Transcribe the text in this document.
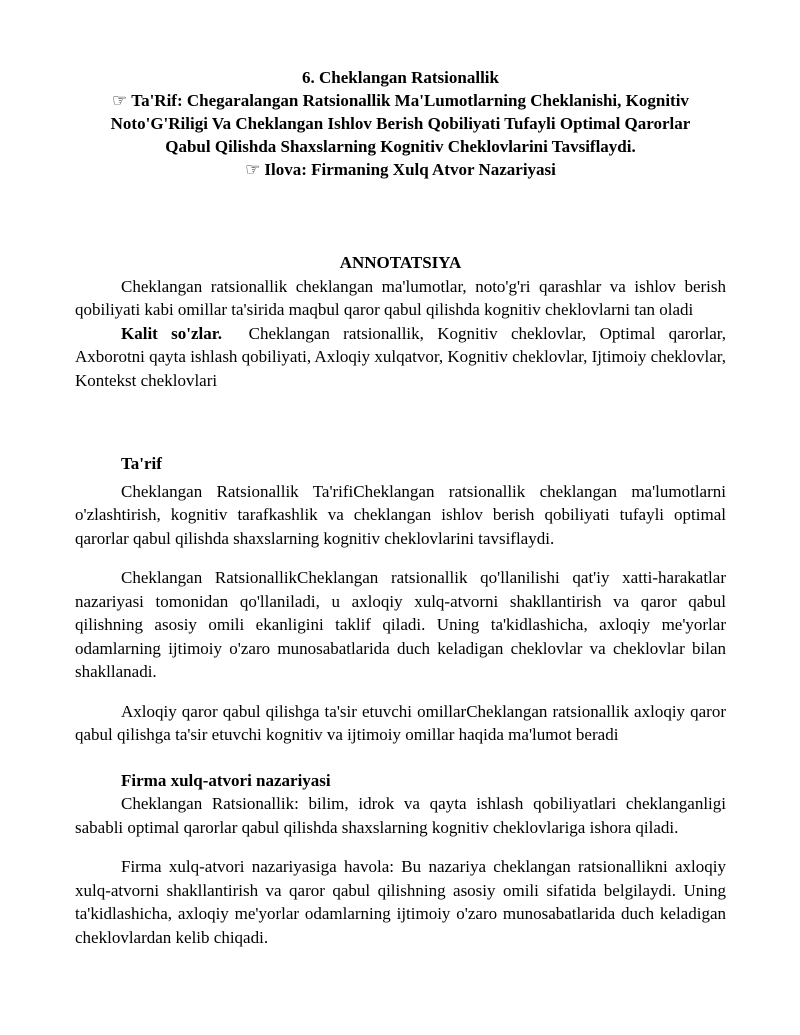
6. Cheklangan Ratsionallik
☞ Ta'Rif: Chegaralangan Ratsionallik Ma'Lumotlarning Cheklanishi, Kognitiv
Noto'G'Riligi Va Cheklangan Ishlov Berish Qobiliyati Tufayli Optimal Qarorlar
Qabul Qilishda Shaxslarning Kognitiv Cheklovlarini Tavsiflaydi.
☞ Ilova: Firmaning Xulq Atvor Nazariyasi

ANNOTATSIYA

Cheklangan ratsionallik cheklangan ma'lumotlar, noto'g'ri qarashlar va ishlov berish qobiliyati kabi omillar ta'sirida maqbul qaror qabul qilishda kognitiv cheklovlarni tan oladi

Kalit so'zlar. Cheklangan ratsionallik, Kognitiv cheklovlar, Optimal qarorlar, Axborotni qayta ishlash qobiliyati, Axloqiy xulqatvor, Kognitiv cheklovlar, Ijtimoiy cheklovlar, Kontekst cheklovlari

Ta'rif

Cheklangan Ratsionallik Ta'rifiCheklangan ratsionallik cheklangan ma'lumotlarni o'zlashtirish, kognitiv tarafkashlik va cheklangan ishlov berish qobiliyati tufayli optimal qarorlar qabul qilishda shaxslarning kognitiv cheklovlarini tavsiflaydi.

Cheklangan RatsionallikCheklangan ratsionallik qo'llanilishi qat'iy xatti-harakatlar nazariyasi tomonidan qo'llaniladi, u axloqiy xulq-atvorni shakllantirish va qaror qabul qilishning asosiy omili ekanligini taklif qiladi. Uning ta'kidlashicha, axloqiy me'yorlar odamlarning ijtimoiy o'zaro munosabatlarida duch keladigan cheklovlar va cheklovlar bilan shakllanadi.

Axloqiy qaror qabul qilishga ta'sir etuvchi omillarCheklangan ratsionallik axloqiy qaror qabul qilishga ta'sir etuvchi kognitiv va ijtimoiy omillar haqida ma'lumot beradi

Firma xulq-atvori nazariyasi

Cheklangan Ratsionallik: bilim, idrok va qayta ishlash qobiliyatlari cheklanganligi sababli optimal qarorlar qabul qilishda shaxslarning kognitiv cheklovlariga ishora qiladi.

Firma xulq-atvori nazariyasiga havola: Bu nazariya cheklangan ratsionallikni axloqiy xulq-atvorni shakllantirish va qaror qabul qilishning asosiy omili sifatida belgilaydi. Uning ta'kidlashicha, axloqiy me'yorlar odamlarning ijtimoiy o'zaro munosabatlarida duch keladigan cheklovlardan kelib chiqadi.
